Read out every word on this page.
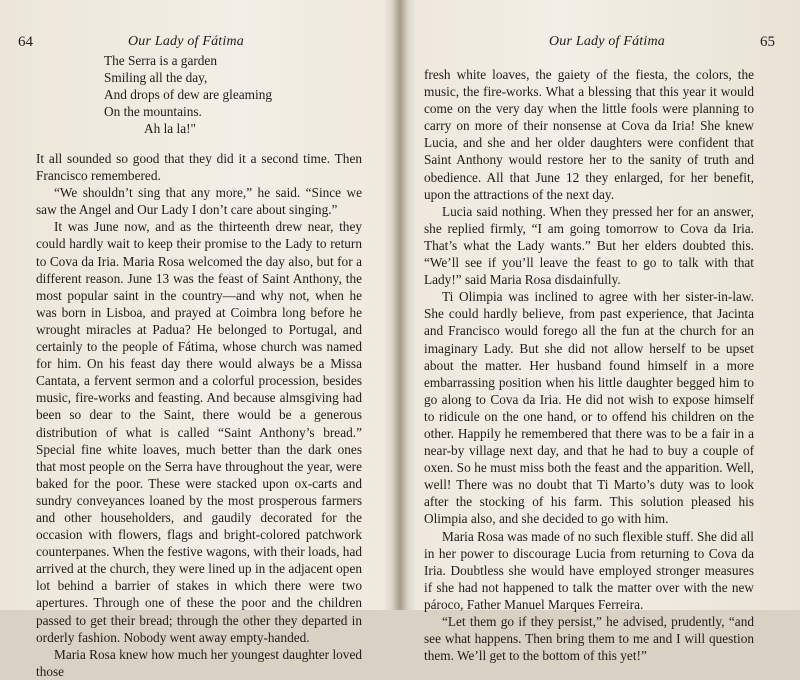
64	Our Lady of Fátima
The Serra is a garden
Smiling all the day,
And drops of dew are gleaming
On the mountains.
Ah la la!"

It all sounded so good that they did it a second time. Then Francisco remembered.

“We shouldn’t sing that any more,” he said. “Since we saw the Angel and Our Lady I don’t care about singing.”

It was June now, and as the thirteenth drew near, they could hardly wait to keep their promise to the Lady to return to Cova da Iria. Maria Rosa welcomed the day also, but for a different reason. June 13 was the feast of Saint Anthony, the most popular saint in the country—and why not, when he was born in Lisboa, and prayed at Coimbra long before he wrought miracles at Padua? He belonged to Portugal, and certainly to the people of Fátima, whose church was named for him. On his feast day there would always be a Missa Cantata, a fervent sermon and a colorful procession, besides music, fire-works and feasting. And because almsgiving had been so dear to the Saint, there would be a generous distribution of what is called “Saint Anthony’s bread.” Special fine white loaves, much better than the dark ones that most people on the Serra have throughout the year, were baked for the poor. These were stacked upon ox-carts and sundry conveyances loaned by the most prosperous farmers and other householders, and gaudily decorated for the occasion with flowers, flags and bright-colored patchwork counterpanes. When the festive wagons, with their loads, had arrived at the church, they were lined up in the adjacent open lot behind a barrier of stakes in which there were two apertures. Through one of these the poor and the children passed to get their bread; through the other they departed in orderly fashion. Nobody went away empty-handed.

Maria Rosa knew how much her youngest daughter loved those

Our Lady of Fátima	65

fresh white loaves, the gaiety of the fiesta, the colors, the music, the fire-works. What a blessing that this year it would come on the very day when the little fools were planning to carry on more of their nonsense at Cova da Iria! She knew Lucia, and she and her older daughters were confident that Saint Anthony would restore her to the sanity of truth and obedience. All that June 12 they enlarged, for her benefit, upon the attractions of the next day.

Lucia said nothing. When they pressed her for an answer, she replied firmly, “I am going tomorrow to Cova da Iria. That’s what the Lady wants.” But her elders doubted this. “We’ll see if you’ll leave the feast to go to talk with that Lady!” said Maria Rosa disdainfully.

Ti Olimpia was inclined to agree with her sister-in-law. She could hardly believe, from past experience, that Jacinta and Francisco would forego all the fun at the church for an imaginary Lady. But she did not allow herself to be upset about the matter. Her husband found himself in a more embarrassing position when his little daughter begged him to go along to Cova da Iria. He did not wish to expose himself to ridicule on the one hand, or to offend his children on the other. Happily he remembered that there was to be a fair in a near-by village next day, and that he had to buy a couple of oxen. So he must miss both the feast and the apparition. Well, well! There was no doubt that Ti Marto’s duty was to look after the stocking of his farm. This solution pleased his Olimpia also, and she decided to go with him.

Maria Rosa was made of no such flexible stuff. She did all in her power to discourage Lucia from returning to Cova da Iria. Doubtless she would have employed stronger measures if she had not happened to talk the matter over with the new pároco, Father Manuel Marques Ferreira.

“Let them go if they persist,” he advised, prudently, “and see what happens. Then bring them to me and I will question them. We’ll get to the bottom of this yet!”
